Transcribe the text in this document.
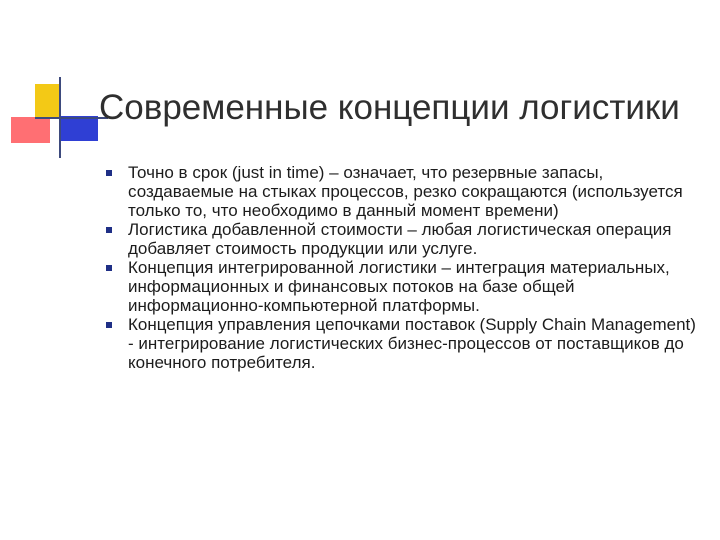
Современные концепции логистики
Точно в срок (just in time) – означает, что резервные запасы, создаваемые на стыках процессов, резко сокращаются (используется только то, что необходимо в данный момент времени)
Логистика добавленной стоимости – любая логистическая операция добавляет стоимость продукции или услуге.
Концепция интегрированной логистики – интеграция материальных, информационных и финансовых потоков на базе общей информационно-компьютерной платформы.
Концепция управления цепочками поставок (Supply Chain Management) - интегрирование логистических бизнес-процессов от поставщиков до конечного потребителя.
